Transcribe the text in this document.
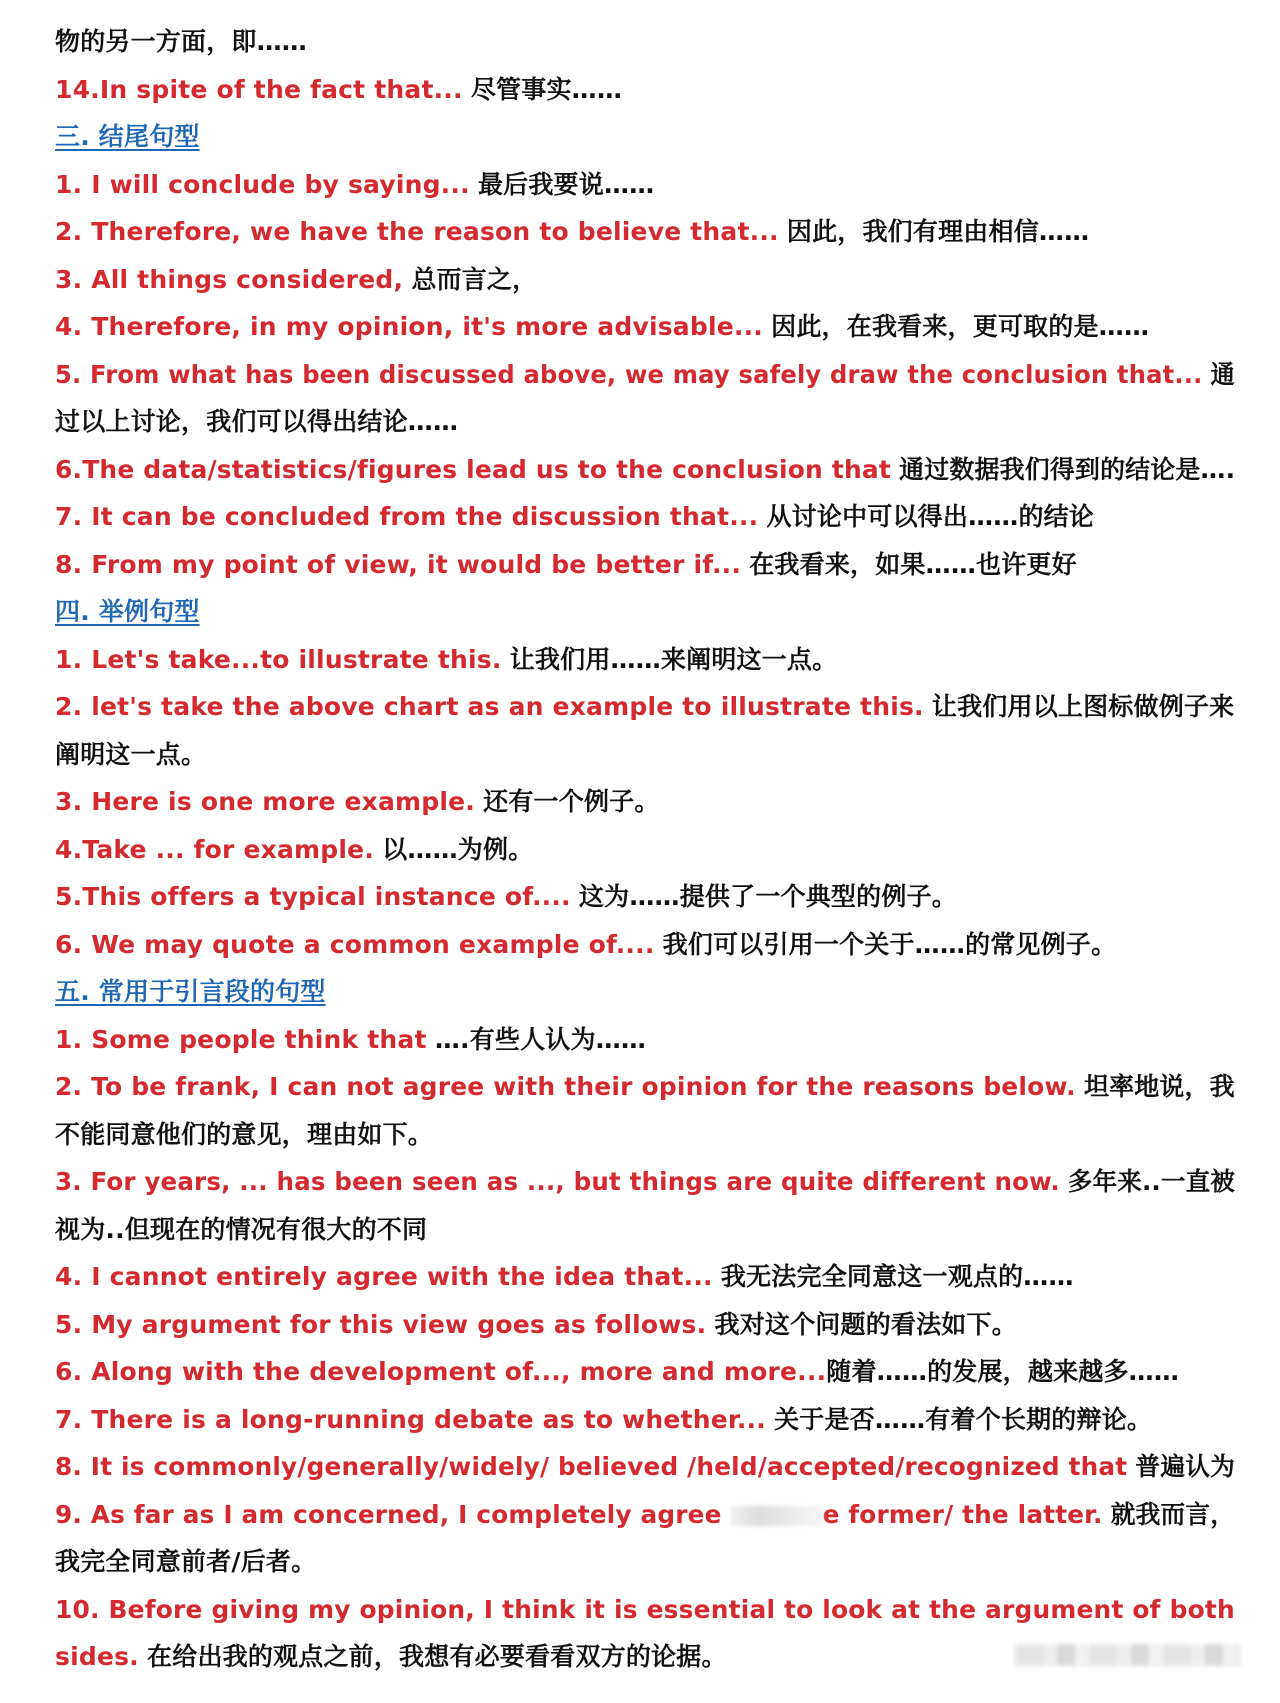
物的另一方面，即……
14.In spite of the fact that... 尽管事实……
三. 结尾句型
1. I will conclude by saying... 最后我要说……
2. Therefore, we have the reason to believe that... 因此，我们有理由相信……
3. All things considered, 总而言之，
4. Therefore, in my opinion, it's more advisable... 因此，在我看来，更可取的是……
5. From what has been discussed above, we may safely draw the conclusion that... 通
过以上讨论，我们可以得出结论……
6.The data/statistics/figures lead us to the conclusion that 通过数据我们得到的结论是….
7. It can be concluded from the discussion that... 从讨论中可以得出……的结论
8. From my point of view, it would be better if... 在我看来，如果……也许更好
四. 举例句型
1. Let's take...to illustrate this. 让我们用……来阐明这一点。
2. let's take the above chart as an example to illustrate this. 让我们用以上图标做例子来
阐明这一点。
3. Here is one more example. 还有一个例子。
4.Take ... for example. 以……为例。
5.This offers a typical instance of.... 这为……提供了一个典型的例子。
6. We may quote a common example of.... 我们可以引用一个关于……的常见例子。
五. 常用于引言段的句型
1. Some people think that ….有些人认为……
2. To be frank, I can not agree with their opinion for the reasons below. 坦率地说，我
不能同意他们的意见，理由如下。
3. For years, ... has been seen as ..., but things are quite different now. 多年来..一直被
视为..但现在的情况有很大的不同
4. I cannot entirely agree with the idea that... 我无法完全同意这一观点的……
5. My argument for this view goes as follows. 我对这个问题的看法如下。
6. Along with the development of..., more and more...随着……的发展，越来越多……
7. There is a long-running debate as to whether... 关于是否……有着个长期的辩论。
8. It is commonly/generally/widely/ believed /held/accepted/recognized that 普遍认为
9. As far as I am concerned, I completely agree	e former/ the latter. 就我而言，
我完全同意前者/后者。
10. Before giving my opinion, I think it is essential to look at the argument of both
sides. 在给出我的观点之前，我想有必要看看双方的论据。
